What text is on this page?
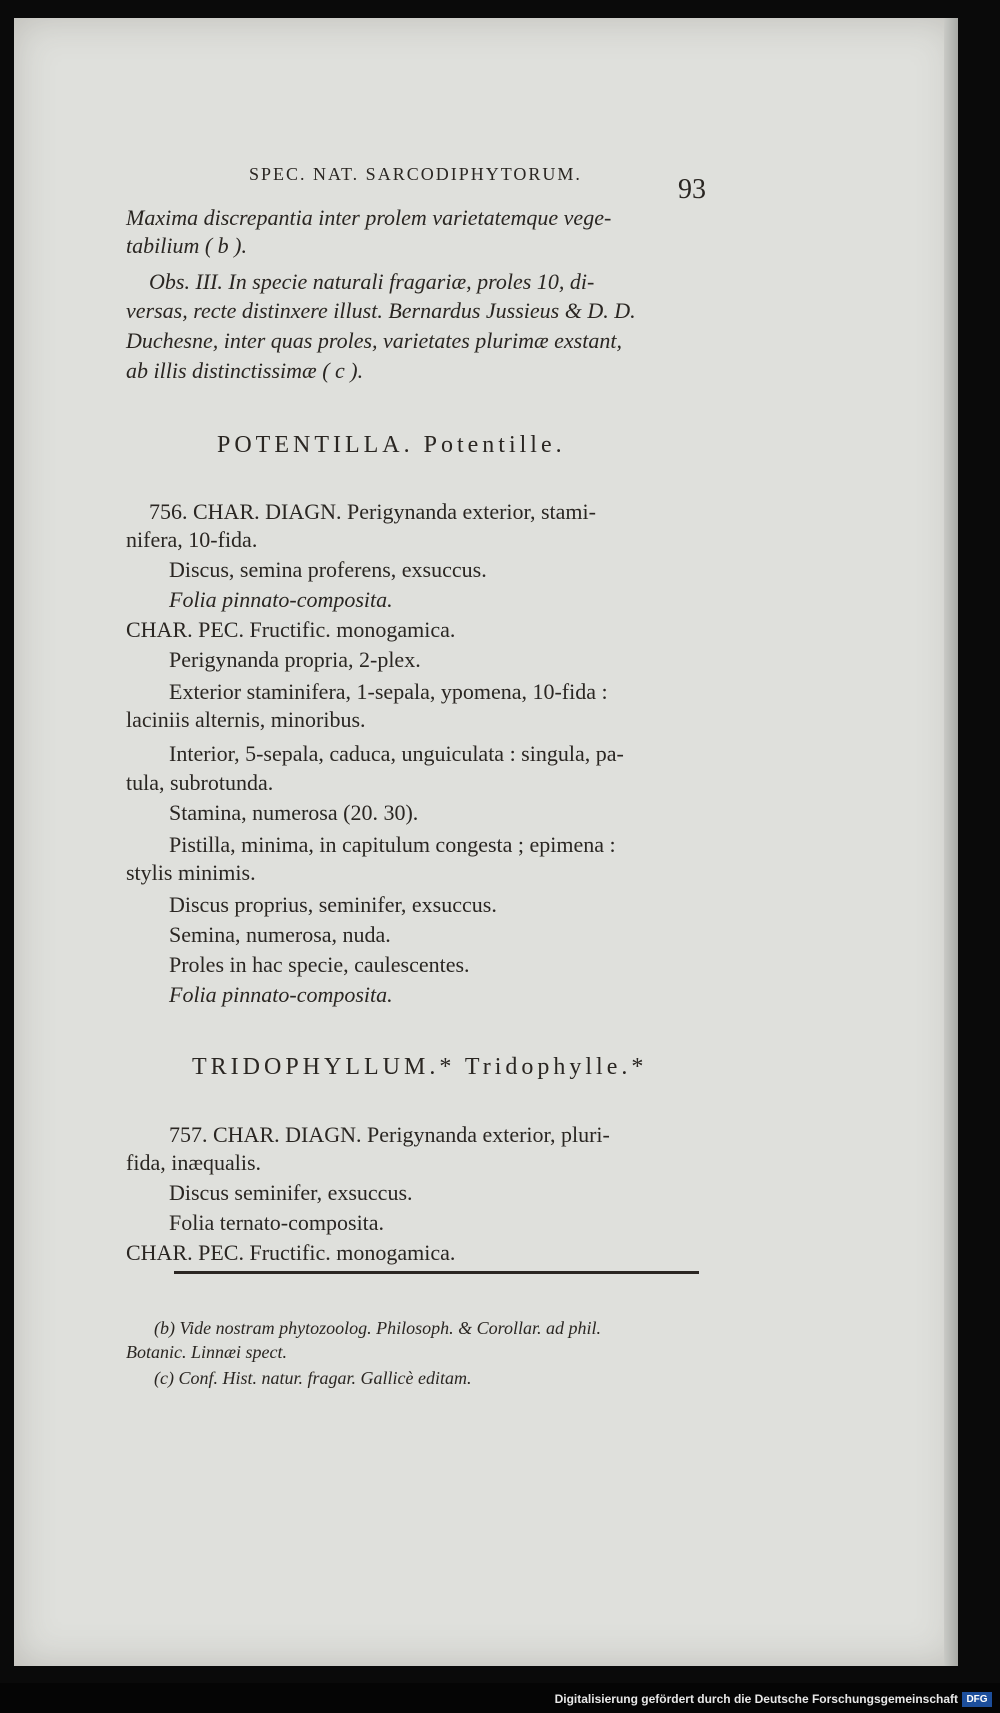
SPEC. NAT. SARCODIPHYTORUM.	93
Maxima discrepantia inter prolem varietatemque vege-
tabilium ( b ).
Obs. III. In specie naturali fragariæ, proles 10, di-
versas, recte distinxere illust. Bernardus Jussieus & D. D.
Duchesne, inter quas proles, varietates plurimæ exstant,
ab illis distinctissimæ ( c ).
POTENTILLA. Potentille.
756. CHAR. DIAGN. Perigynanda exterior, stami-
nifera, 10-fida.
Discus, semina proferens, exsuccus.
Folia pinnato-composita.
CHAR. PEC. Fructific. monogamica.
Perigynanda propria, 2-plex.
Exterior staminifera, 1-sepala, ypomena, 10-fida :
laciniis alternis, minoribus.
Interior, 5-sepala, caduca, unguiculata : singula, pa-
tula, subrotunda.
Stamina, numerosa (20. 30).
Pistilla, minima, in capitulum congesta ; epimena :
stylis minimis.
Discus proprius, seminifer, exsuccus.
Semina, numerosa, nuda.
Proles in hac specie, caulescentes.
Folia pinnato-composita.
TRIDOPHYLLUM.* Tridophylle.*
757. CHAR. DIAGN. Perigynanda exterior, pluri-
fida, inæqualis.
Discus seminifer, exsuccus.
Folia ternato-composita.
CHAR. PEC. Fructific. monogamica.
(b) Vide nostram phytozoolog. Philosoph. & Corollar. ad phil.
Botanic. Linnæi spect.
(c) Conf. Hist. natur. fragar. Gallicè editam.
Digitalisierung gefördert durch die Deutsche Forschungsgemeinschaft DFG
